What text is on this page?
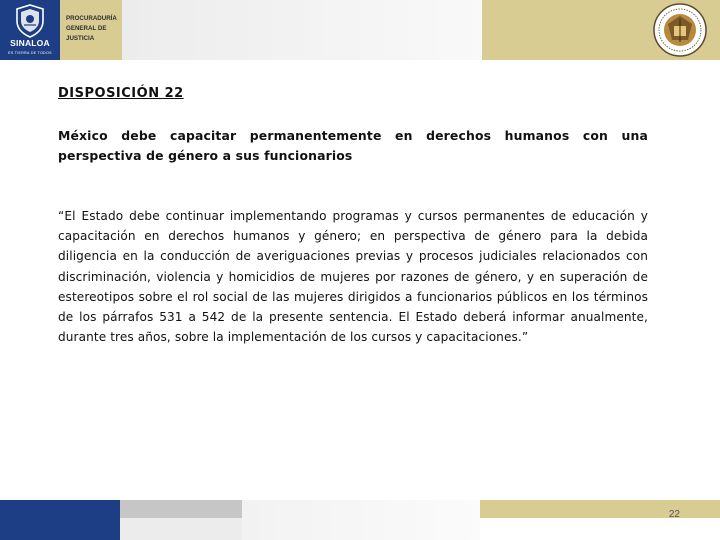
SINALOA
ES TIERRA DE TODOS
PROCURADURÍA
GENERAL DE
JUSTICIA
DISPOSICIÓN 22
México debe capacitar permanentemente en derechos humanos con una perspectiva de género a sus funcionarios
“El Estado debe continuar implementando programas y cursos permanentes de educación y capacitación en derechos humanos y género; en perspectiva de género para la debida diligencia en la conducción de averiguaciones previas y procesos judiciales relacionados con discriminación, violencia y homicidios de mujeres por razones de género, y en superación de estereotipos sobre el rol social de las mujeres dirigidos a funcionarios públicos en los términos de los párrafos 531 a 542 de la presente sentencia. El Estado deberá informar anualmente, durante tres años, sobre la implementación de los cursos y capacitaciones.”
22
